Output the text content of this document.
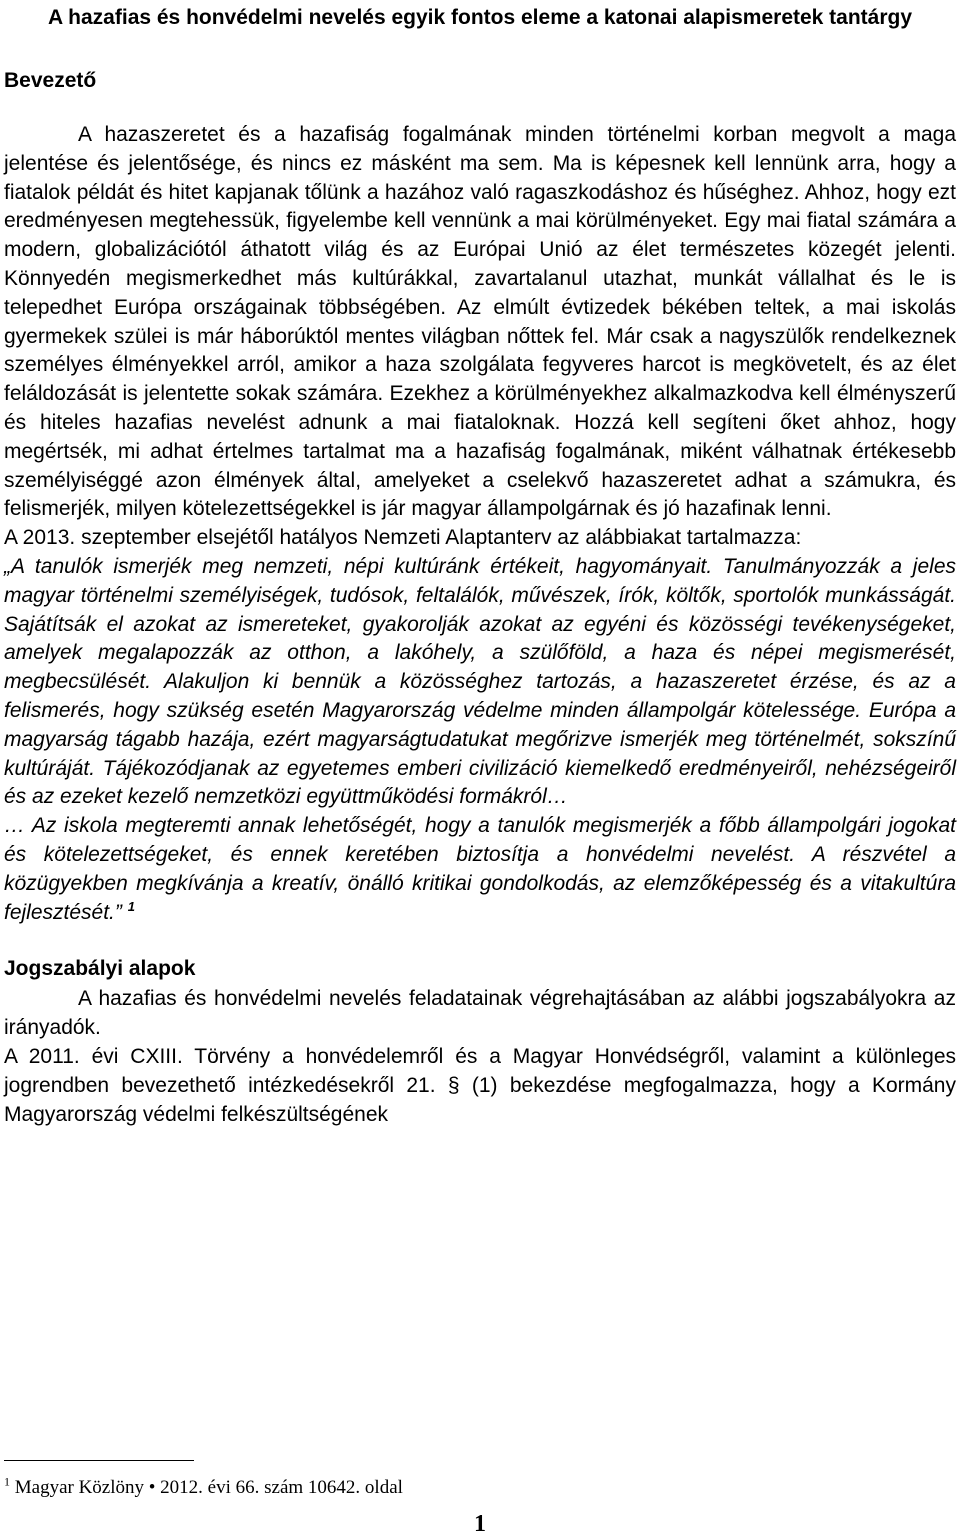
A hazafias és honvédelmi nevelés egyik fontos eleme a katonai alapismeretek tantárgy
Bevezető

A hazaszeretet és a hazafiság fogalmának minden történelmi korban megvolt a maga jelentése és jelentősége, és nincs ez másként ma sem. Ma is képesnek kell lennünk arra, hogy a fiatalok példát és hitet kapjanak tőlünk a hazához való ragaszkodáshoz és hűséghez. Ahhoz, hogy ezt eredményesen megtehessük, figyelembe kell vennünk a mai körülményeket. Egy mai fiatal számára a modern, globalizációtól áthatott világ és az Európai Unió az élet természetes közegét jelenti. Könnyedén megismerkedhet más kultúrákkal, zavartalanul utazhat, munkát vállalhat és le is telepedhet Európa országainak többségében. Az elmúlt évtizedek békében teltek, a mai iskolás gyermekek szülei is már háborúktól mentes világban nőttek fel. Már csak a nagyszülők rendelkeznek személyes élményekkel arról, amikor a haza szolgálata fegyveres harcot is megkövetelt, és az élet feláldozását is jelentette sokak számára. Ezekhez a körülményekhez alkalmazkodva kell élményszerű és hiteles hazafias nevelést adnunk a mai fiataloknak. Hozzá kell segíteni őket ahhoz, hogy megértsék, mi adhat értelmes tartalmat ma a hazafiság fogalmának, miként válhatnak értékesebb személyiséggé azon élmények által, amelyeket a cselekvő hazaszeretet adhat a számukra, és felismerjék, milyen kötelezettségekkel is jár magyar állampolgárnak és jó hazafinak lenni.

A 2013. szeptember elsejétől hatályos Nemzeti Alaptanterv az alábbiakat tartalmazza:

„A tanulók ismerjék meg nemzeti, népi kultúránk értékeit, hagyományait. Tanulmányozzák a jeles magyar történelmi személyiségek, tudósok, feltalálók, művészek, írók, költők, sportolók munkásságát. Sajátítsák el azokat az ismereteket, gyakorolják azokat az egyéni és közösségi tevékenységeket, amelyek megalapozzák az otthon, a lakóhely, a szülőföld, a haza és népei megismerését, megbecsülését. Alakuljon ki bennük a közösséghez tartozás, a hazaszeretet érzése, és az a felismerés, hogy szükség esetén Magyarország védelme minden állampolgár kötelessége. Európa a magyarság tágabb hazája, ezért magyarságtudatukat megőrizve ismerjék meg történelmét, sokszínű kultúráját. Tájékozódjanak az egyetemes emberi civilizáció kiemelkedő eredményeiről, nehézségeiről és az ezeket kezelő nemzetközi együttműködési formákról…

… Az iskola megteremti annak lehetőségét, hogy a tanulók megismerjék a főbb állampolgári jogokat és kötelezettségeket, és ennek keretében biztosítja a honvédelmi nevelést. A részvétel a közügyekben megkívánja a kreatív, önálló kritikai gondolkodás, az elemzőképesség és a vitakultúra fejlesztését.” $^1$

Jogszabályi alapok

A hazafias és honvédelmi nevelés feladatainak végrehajtásában az alábbi jogszabályokra az irányadók.

A 2011. évi CXIII. Törvény a honvédelemről és a Magyar Honvédségről, valamint a különleges jogrendben bevezethető intézkedésekről 21. § (1) bekezdése megfogalmazza, hogy a Kormány Magyarország védelmi felkészültségének

$^1$ Magyar Közlöny • 2012. évi 66. szám 10642. oldal

1
